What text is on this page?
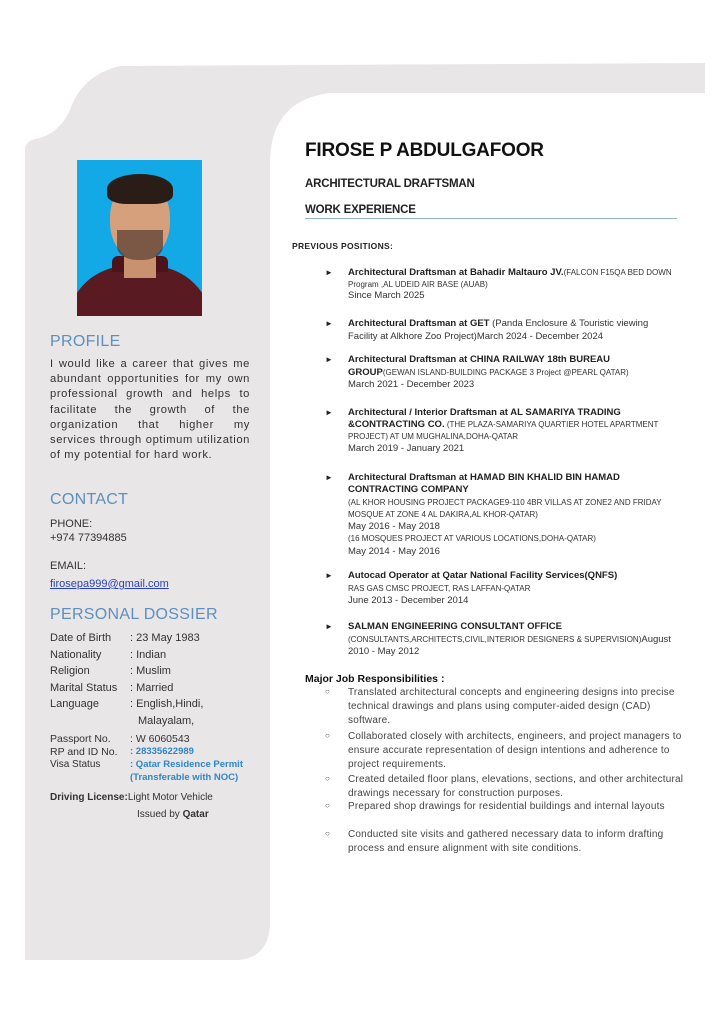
PROFILE
I would like a career that gives me abundant opportunities for my own professional growth and helps to facilitate the growth of the organization that higher my services through optimum utilization of my potential for hard work.
CONTACT
PHONE:
+974 77394885
EMAIL:
firosepa999@gmail.com
PERSONAL DOSSIER
Date of Birth	: 23 May 1983
Nationality	: Indian
Religion	: Muslim
Marital Status	: Married
Language	: English,Hindi,
Malayalam,
Passport No.	: W 6060543
RP and ID No.	: 28335622989
Visa Status	: Qatar Residence Permit
(Transferable with NOC)
Driving License:Light Motor Vehicle
Issued by Qatar
FIROSE P ABDULGAFOOR
ARCHITECTURAL DRAFTSMAN
WORK EXPERIENCE
PREVIOUS POSITIONS:
► Architectural Draftsman at Bahadir Maltauro JV.(FALCON F15QA BED DOWN Program ,AL UDEID AIR BASE (AUAB)
Since March 2025
► Architectural Draftsman at GET (Panda Enclosure & Touristic viewing Facility at Alkhore Zoo Project)March 2024 - December 2024
► Architectural Draftsman at CHINA RAILWAY 18th BUREAU GROUP(GEWAN ISLAND-BUILDING PACKAGE 3 Project @PEARL QATAR)
March 2021 - December 2023
► Architectural / Interior Draftsman at AL SAMARIYA TRADING &CONTRACTING CO. (THE PLAZA-SAMARIYA QUARTIER HOTEL APARTMENT PROJECT) AT UM MUGHALINA,DOHA-QATAR
March 2019 - January 2021
► Architectural Draftsman at HAMAD BIN KHALID BIN HAMAD CONTRACTING COMPANY
(AL KHOR HOUSING PROJECT PACKAGE9-110 4BR VILLAS AT ZONE2 AND FRIDAY MOSQUE AT ZONE 4 AL DAKIRA,AL KHOR-QATAR)
May 2016 - May 2018
(16 MOSQUES PROJECT AT VARIOUS LOCATIONS,DOHA-QATAR)
May 2014 - May 2016
► Autocad Operator at Qatar National Facility Services(QNFS)
RAS GAS CMSC PROJECT, RAS LAFFAN-QATAR
June 2013 - December 2014
► SALMAN ENGINEERING CONSULTANT OFFICE
(CONSULTANTS,ARCHITECTS,CIVIL,INTERIOR DESIGNERS & SUPERVISION)August 2010 - May 2012
Major Job Responsibilities :
○ Translated architectural concepts and engineering designs into precise technical drawings and plans using computer-aided design (CAD) software.
○ Collaborated closely with architects, engineers, and project managers to ensure accurate representation of design intentions and adherence to project requirements.
○ Created detailed floor plans, elevations, sections, and other architectural drawings necessary for construction purposes.
○ Prepared shop drawings for residential buildings and internal layouts
○ Conducted site visits and gathered necessary data to inform drafting process and ensure alignment with site conditions.
